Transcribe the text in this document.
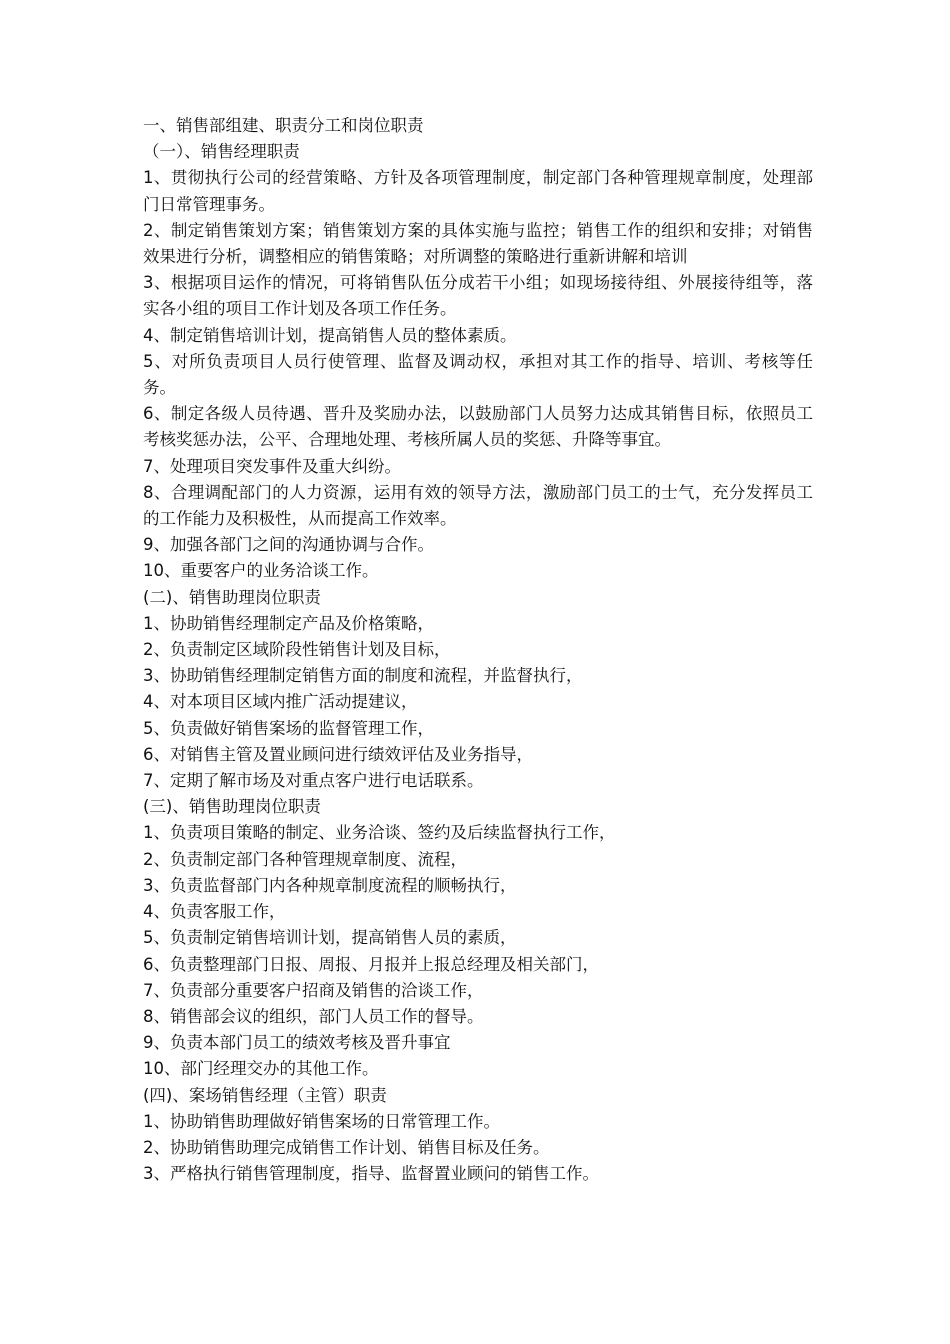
一、销售部组建、职责分工和岗位职责

（一）、销售经理职责

1、贯彻执行公司的经营策略、方针及各项管理制度，制定部门各种管理规章制度，处理部门日常管理事务。

2、制定销售策划方案；销售策划方案的具体实施与监控；销售工作的组织和安排；对销售效果进行分析，调整相应的销售策略；对所调整的策略进行重新讲解和培训

3、根据项目运作的情况，可将销售队伍分成若干小组；如现场接待组、外展接待组等，落实各小组的项目工作计划及各项工作任务。

4、制定销售培训计划，提高销售人员的整体素质。

5、对所负责项目人员行使管理、监督及调动权，承担对其工作的指导、培训、考核等任务。

6、制定各级人员待遇、晋升及奖励办法，以鼓励部门人员努力达成其销售目标，依照员工考核奖惩办法，公平、合理地处理、考核所属人员的奖惩、升降等事宜。

7、处理项目突发事件及重大纠纷。

8、合理调配部门的人力资源，运用有效的领导方法，激励部门员工的士气，充分发挥员工的工作能力及积极性，从而提高工作效率。

9、加强各部门之间的沟通协调与合作。

10、重要客户的业务洽谈工作。

(二)、销售助理岗位职责

1、协助销售经理制定产品及价格策略，

2、负责制定区域阶段性销售计划及目标，

3、协助销售经理制定销售方面的制度和流程，并监督执行，

4、对本项目区域内推广活动提建议，

5、负责做好销售案场的监督管理工作，

6、对销售主管及置业顾问进行绩效评估及业务指导，

7、定期了解市场及对重点客户进行电话联系。

(三)、销售助理岗位职责

1、负责项目策略的制定、业务洽谈、签约及后续监督执行工作，

2、负责制定部门各种管理规章制度、流程，

3、负责监督部门内各种规章制度流程的顺畅执行，

4、负责客服工作，

5、负责制定销售培训计划，提高销售人员的素质，

6、负责整理部门日报、周报、月报并上报总经理及相关部门，

7、负责部分重要客户招商及销售的洽谈工作，

8、销售部会议的组织，部门人员工作的督导。

9、负责本部门员工的绩效考核及晋升事宜

10、部门经理交办的其他工作。

(四)、案场销售经理（主管）职责

1、协助销售助理做好销售案场的日常管理工作。

2、协助销售助理完成销售工作计划、销售目标及任务。

3、严格执行销售管理制度，指导、监督置业顾问的销售工作。
